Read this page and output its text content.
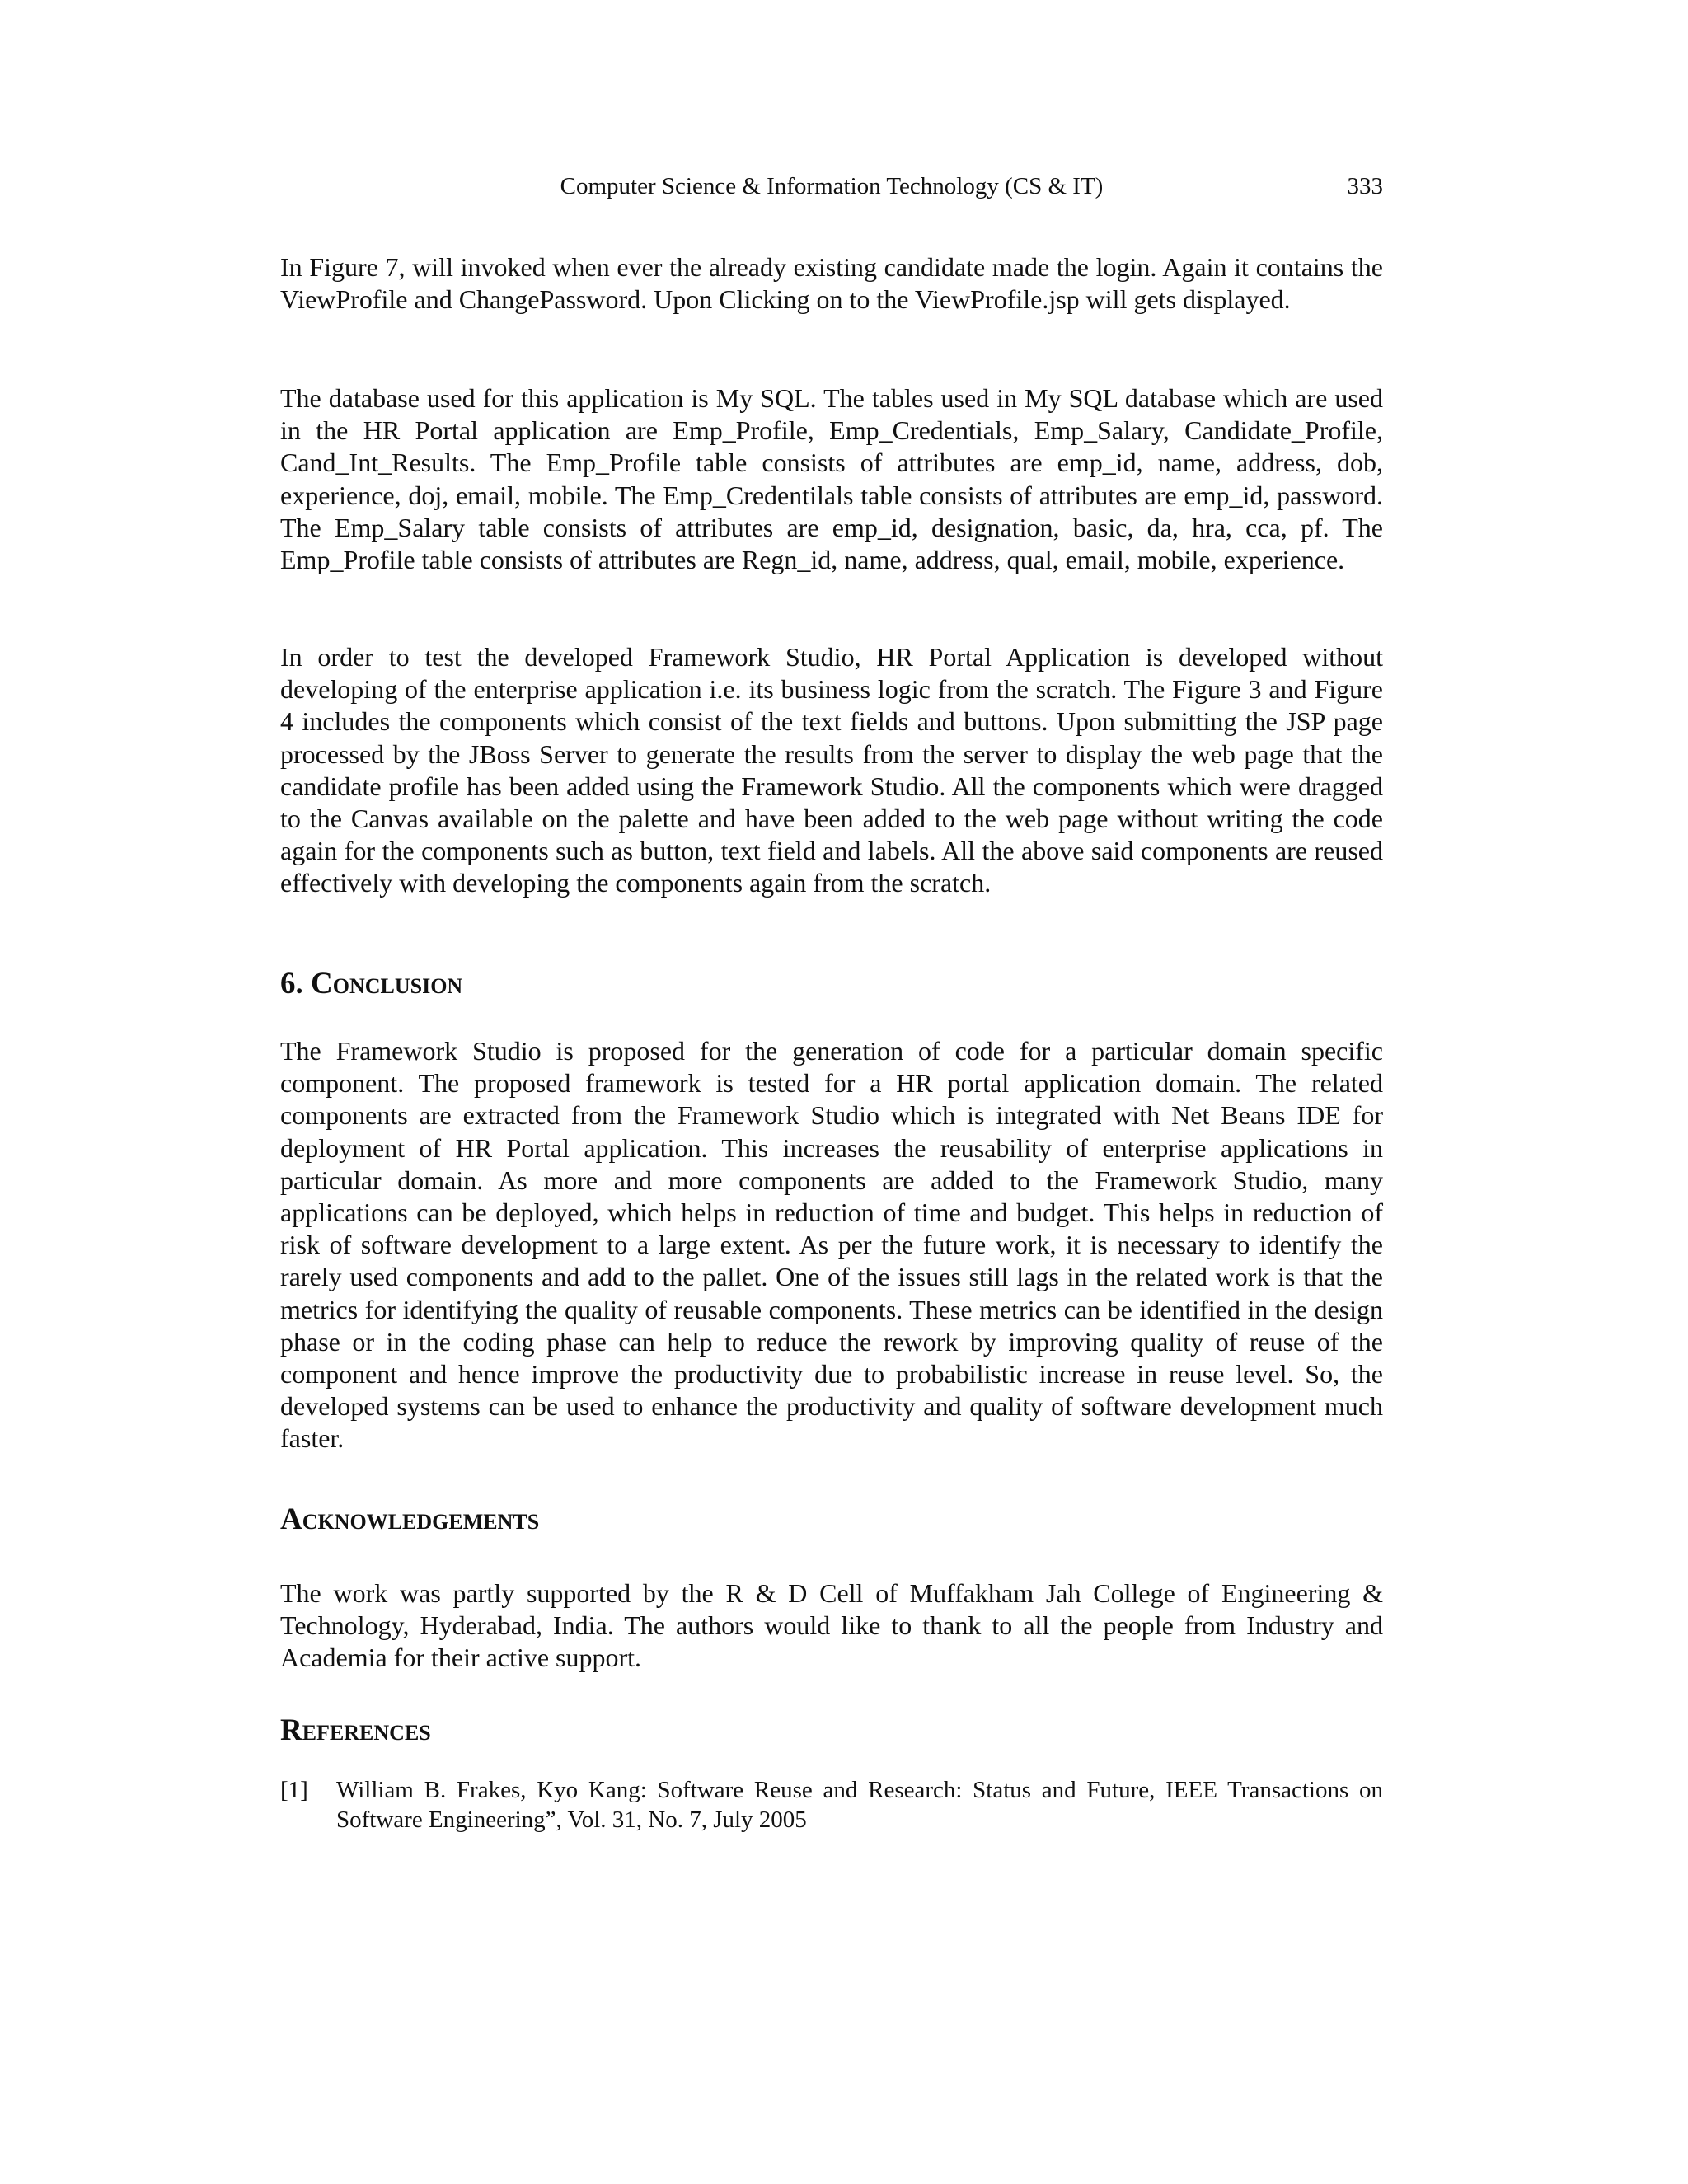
Computer Science & Information Technology (CS & IT)	333

In Figure 7, will invoked when ever the already existing candidate made the login. Again it contains the ViewProfile and ChangePassword. Upon Clicking on to the ViewProfile.jsp will gets displayed.

The database used for this application is My SQL. The tables used in My SQL database which are used in the HR Portal application are Emp_Profile, Emp_Credentials, Emp_Salary, Candidate_Profile, Cand_Int_Results. The Emp_Profile table consists of attributes are emp_id, name, address, dob, experience, doj, email, mobile. The Emp_Credentilals table consists of attributes are emp_id, password. The Emp_Salary table consists of attributes are emp_id, designation, basic, da, hra, cca, pf. The Emp_Profile table consists of attributes are Regn_id, name, address, qual, email, mobile, experience.

In order to test the developed Framework Studio, HR Portal Application is developed without developing of the enterprise application i.e. its business logic from the scratch. The Figure 3 and Figure 4 includes the components which consist of the text fields and buttons. Upon submitting the JSP page processed by the JBoss Server to generate the results from the server to display the web page that the candidate profile has been added using the Framework Studio. All the components which were dragged to the Canvas available on the palette and have been added to the web page without writing the code again for the components such as button, text field and labels. All the above said components are reused effectively with developing the components again from the scratch.

6. Conclusion

The Framework Studio is proposed for the generation of code for a particular domain specific component. The proposed framework is tested for a HR portal application domain. The related components are extracted from the Framework Studio which is integrated with Net Beans IDE for deployment of HR Portal application. This increases the reusability of enterprise applications in particular domain. As more and more components are added to the Framework Studio, many applications can be deployed, which helps in reduction of time and budget. This helps in reduction of risk of software development to a large extent. As per the future work, it is necessary to identify the rarely used components and add to the pallet. One of the issues still lags in the related work is that the metrics for identifying the quality of reusable components. These metrics can be identified in the design phase or in the coding phase can help to reduce the rework by improving quality of reuse of the component and hence improve the productivity due to probabilistic increase in reuse level. So, the developed systems can be used to enhance the productivity and quality of software development much faster.

Acknowledgements

The work was partly supported by the R & D Cell of Muffakham Jah College of Engineering & Technology, Hyderabad, India. The authors would like to thank to all the people from Industry and Academia for their active support.

References
[1] William B. Frakes, Kyo Kang: Software Reuse and Research: Status and Future, IEEE Transactions on Software Engineering”, Vol. 31, No. 7, July 2005
